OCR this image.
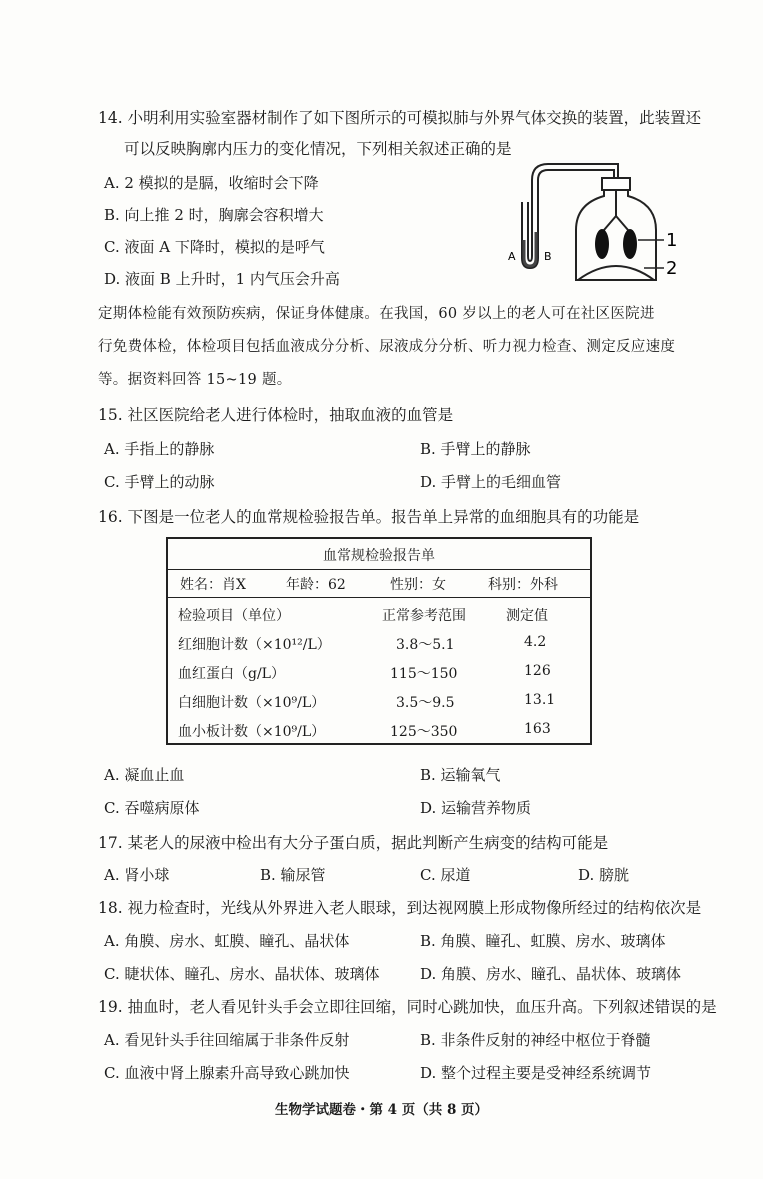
14. 小明利用实验室器材制作了如下图所示的可模拟肺与外界气体交换的装置，此装置还
可以反映胸廓内压力的变化情况，下列相关叙述正确的是
A. 2 模拟的是膈，收缩时会下降
B. 向上推 2 时，胸廓会容积增大
C. 液面 A 下降时，模拟的是呼气
D. 液面 B 上升时，1 内气压会升高
A	B
1
2
定期体检能有效预防疾病，保证身体健康。在我国，60 岁以上的老人可在社区医院进
行免费体检，体检项目包括血液成分分析、尿液成分分析、听力视力检查、测定反应速度
等。据资料回答 15~19 题。
15. 社区医院给老人进行体检时，抽取血液的血管是
A. 手指上的静脉	B. 手臂上的静脉
C. 手臂上的动脉	D. 手臂上的毛细血管
16. 下图是一位老人的血常规检验报告单。报告单上异常的血细胞具有的功能是
血常规检验报告单
姓名：肖X	年龄：62	性别：女	科别：外科
检验项目（单位）	正常参考范围	测定值
红细胞计数（×10¹²/L）	3.8～5.1	4.2
血红蛋白（g/L）	115～150	126
白细胞计数（×10⁹/L）	3.5～9.5	13.1
血小板计数（×10⁹/L）	125～350	163
A. 凝血止血	B. 运输氧气
C. 吞噬病原体	D. 运输营养物质
17. 某老人的尿液中检出有大分子蛋白质，据此判断产生病变的结构可能是
A. 肾小球	B. 输尿管	C. 尿道	D. 膀胱
18. 视力检查时，光线从外界进入老人眼球，到达视网膜上形成物像所经过的结构依次是
A. 角膜、房水、虹膜、瞳孔、晶状体	B. 角膜、瞳孔、虹膜、房水、玻璃体
C. 睫状体、瞳孔、房水、晶状体、玻璃体	D. 角膜、房水、瞳孔、晶状体、玻璃体
19. 抽血时，老人看见针头手会立即往回缩，同时心跳加快，血压升高。下列叙述错误的是
A. 看见针头手往回缩属于非条件反射	B. 非条件反射的神经中枢位于脊髓
C. 血液中肾上腺素升高导致心跳加快	D. 整个过程主要是受神经系统调节
生物学试题卷・第 4 页（共 8 页）
